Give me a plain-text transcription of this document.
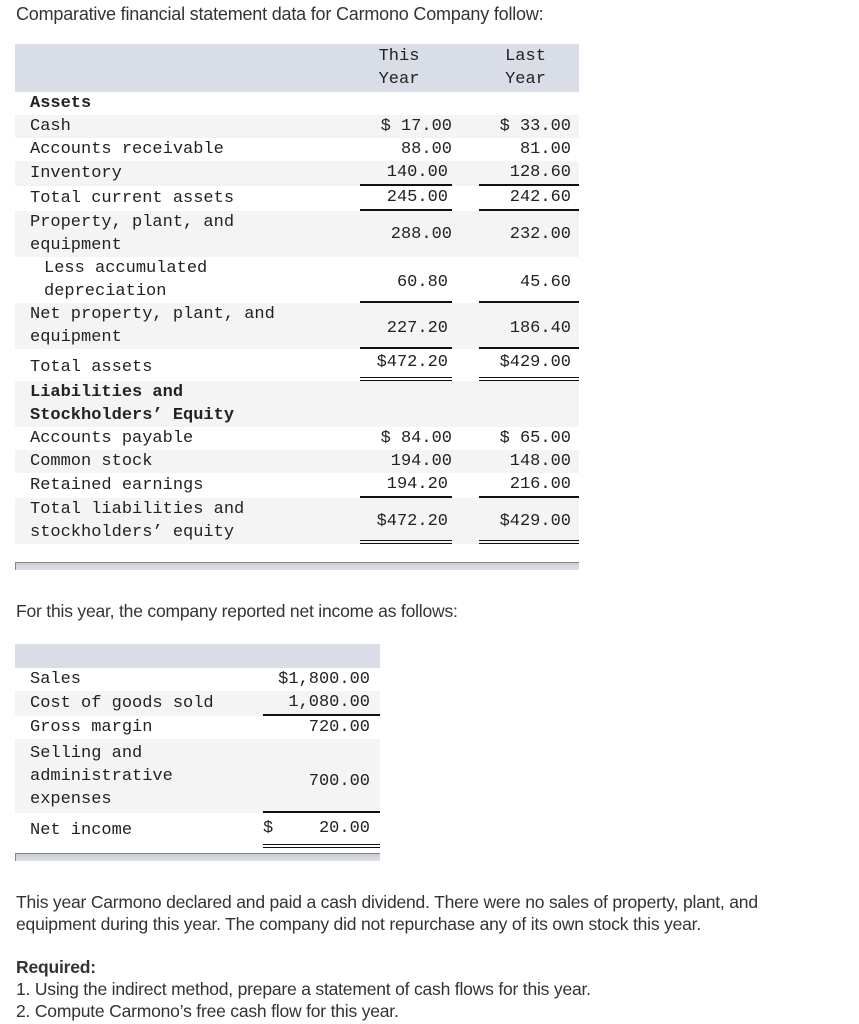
Comparative financial statement data for Carmono Company follow:

This
Year

Last
Year

Assets		
Cash	$ 17.00	$ 33.00
Accounts receivable	88.00	81.00
Inventory	140.00	128.60
Total current assets	245.00	242.60

Property, plant, and
equipment	288.00	232.00

Less accumulated
depreciation	60.80	45.60

Net property, plant, and
equipment	227.20	186.40
Total assets	$472.20	$429.00

Liabilities and
Stockholders’ Equity		

Accounts payable	$ 84.00	$ 65.00
Common stock	194.00	148.00
Retained earnings	194.20	216.00

Total liabilities and
stockholders’ equity	$472.20	$429.00
For this year, the company reported net income as follows:

Sales	$1,800.00
Cost of goods sold	1,080.00
Gross margin	720.00

Selling and
administrative
expenses	700.00

Net income	$ 20.00
This year Carmono declared and paid a cash dividend. There were no sales of property, plant, and
equipment during this year. The company did not repurchase any of its own stock this year.
Required:
1. Using the indirect method, prepare a statement of cash flows for this year.
2. Compute Carmono’s free cash flow for this year.
